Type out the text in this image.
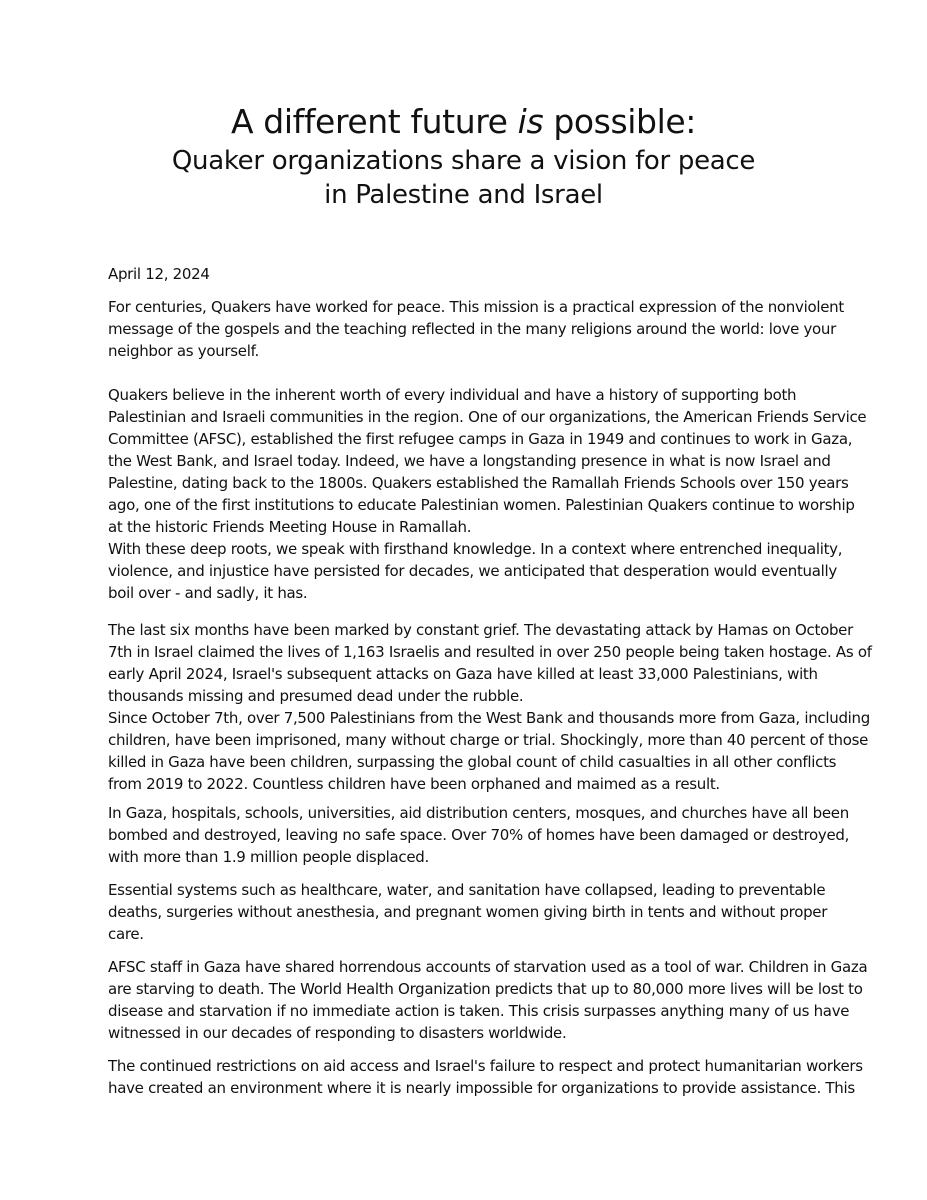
A different future is possible:
Quaker organizations share a vision for peace
in Palestine and Israel
April 12, 2024
For centuries, Quakers have worked for peace. This mission is a practical expression of the nonviolent
message of the gospels and the teaching reflected in the many religions around the world: love your
neighbor as yourself.
Quakers believe in the inherent worth of every individual and have a history of supporting both
Palestinian and Israeli communities in the region. One of our organizations, the American Friends Service
Committee (AFSC), established the first refugee camps in Gaza in 1949 and continues to work in Gaza,
the West Bank, and Israel today. Indeed, we have a longstanding presence in what is now Israel and
Palestine, dating back to the 1800s. Quakers established the Ramallah Friends Schools over 150 years
ago, one of the first institutions to educate Palestinian women. Palestinian Quakers continue to worship
at the historic Friends Meeting House in Ramallah.
With these deep roots, we speak with firsthand knowledge. In a context where entrenched inequality,
violence, and injustice have persisted for decades, we anticipated that desperation would eventually
boil over - and sadly, it has.
The last six months have been marked by constant grief. The devastating attack by Hamas on October
7th in Israel claimed the lives of 1,163 Israelis and resulted in over 250 people being taken hostage. As of
early April 2024, Israel's subsequent attacks on Gaza have killed at least 33,000 Palestinians, with
thousands missing and presumed dead under the rubble.
Since October 7th, over 7,500 Palestinians from the West Bank and thousands more from Gaza, including
children, have been imprisoned, many without charge or trial. Shockingly, more than 40 percent of those
killed in Gaza have been children, surpassing the global count of child casualties in all other conflicts
from 2019 to 2022. Countless children have been orphaned and maimed as a result.
In Gaza, hospitals, schools, universities, aid distribution centers, mosques, and churches have all been
bombed and destroyed, leaving no safe space. Over 70% of homes have been damaged or destroyed,
with more than 1.9 million people displaced.
Essential systems such as healthcare, water, and sanitation have collapsed, leading to preventable
deaths, surgeries without anesthesia, and pregnant women giving birth in tents and without proper
care.
AFSC staff in Gaza have shared horrendous accounts of starvation used as a tool of war. Children in Gaza
are starving to death. The World Health Organization predicts that up to 80,000 more lives will be lost to
disease and starvation if no immediate action is taken. This crisis surpasses anything many of us have
witnessed in our decades of responding to disasters worldwide.
The continued restrictions on aid access and Israel's failure to respect and protect humanitarian workers
have created an environment where it is nearly impossible for organizations to provide assistance. This
